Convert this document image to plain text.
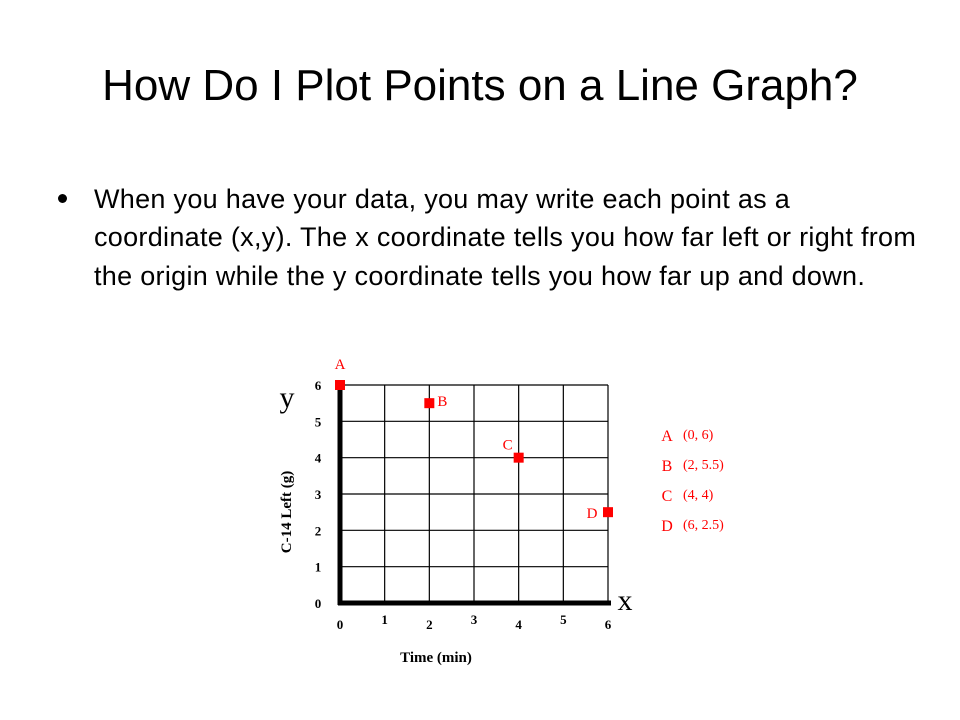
How Do I Plot Points on a Line Graph?
When you have your data, you may write each point as a coordinate (x,y). The x coordinate tells you how far left or right from the origin while the y coordinate tells you how far up and down.
0	1	2	3	4	5	6
0
1
2
3
4
5
6
A
B
C
D
A (0, 6)
B (2, 5.5)
C (4, 4)
D (6, 2.5)
y
x
Time (min)
C-14 Left (g)
